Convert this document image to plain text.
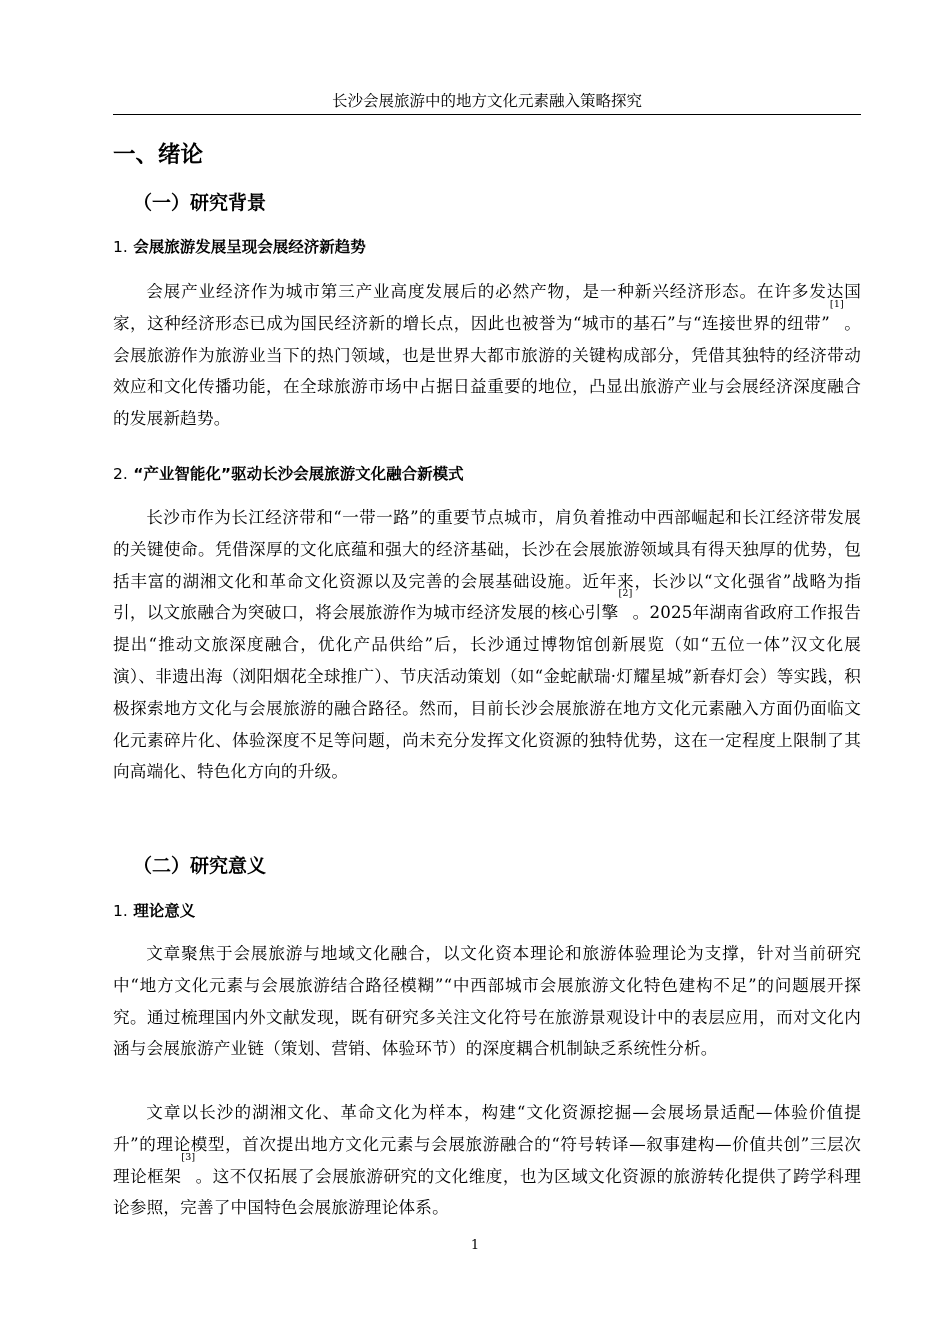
长沙会展旅游中的地方文化元素融入策略探究
一、绪论
（一）研究背景
1. 会展旅游发展呈现会展经济新趋势
会展产业经济作为城市第三产业高度发展后的必然产物，是一种新兴经济形态。在许多发达国家，这种经济形态已成为国民经济新的增长点，因此也被誉为“城市的基石”与“连接世界的纽带”[1]。会展旅游作为旅游业当下的热门领域，也是世界大都市旅游的关键构成部分，凭借其独特的经济带动效应和文化传播功能，在全球旅游市场中占据日益重要的地位，凸显出旅游产业与会展经济深度融合的发展新趋势。
2. “产业智能化”驱动长沙会展旅游文化融合新模式
长沙市作为长江经济带和“一带一路”的重要节点城市，肩负着推动中西部崛起和长江经济带发展的关键使命。凭借深厚的文化底蕴和强大的经济基础，长沙在会展旅游领域具有得天独厚的优势，包括丰富的湖湘文化和革命文化资源以及完善的会展基础设施。近年来，长沙以“文化强省”战略为指引，以文旅融合为突破口，将会展旅游作为城市经济发展的核心引擎[2]。2025年湖南省政府工作报告提出“推动文旅深度融合，优化产品供给”后，长沙通过博物馆创新展览（如“五位一体”汉文化展演）、非遗出海（浏阳烟花全球推广）、节庆活动策划（如“金蛇献瑞·灯耀星城”新春灯会）等实践，积极探索地方文化与会展旅游的融合路径。然而，目前长沙会展旅游在地方文化元素融入方面仍面临文化元素碎片化、体验深度不足等问题，尚未充分发挥文化资源的独特优势，这在一定程度上限制了其向高端化、特色化方向的升级。
（二）研究意义
1. 理论意义
文章聚焦于会展旅游与地域文化融合，以文化资本理论和旅游体验理论为支撑，针对当前研究中“地方文化元素与会展旅游结合路径模糊”“中西部城市会展旅游文化特色建构不足”的问题展开探究。通过梳理国内外文献发现，既有研究多关注文化符号在旅游景观设计中的表层应用，而对文化内涵与会展旅游产业链（策划、营销、体验环节）的深度耦合机制缺乏系统性分析。
文章以长沙的湖湘文化、革命文化为样本，构建“文化资源挖掘—会展场景适配—体验价值提升”的理论模型，首次提出地方文化元素与会展旅游融合的“符号转译—叙事建构—价值共创”三层次理论框架[3]。这不仅拓展了会展旅游研究的文化维度，也为区域文化资源的旅游转化提供了跨学科理论参照，完善了中国特色会展旅游理论体系。
1
